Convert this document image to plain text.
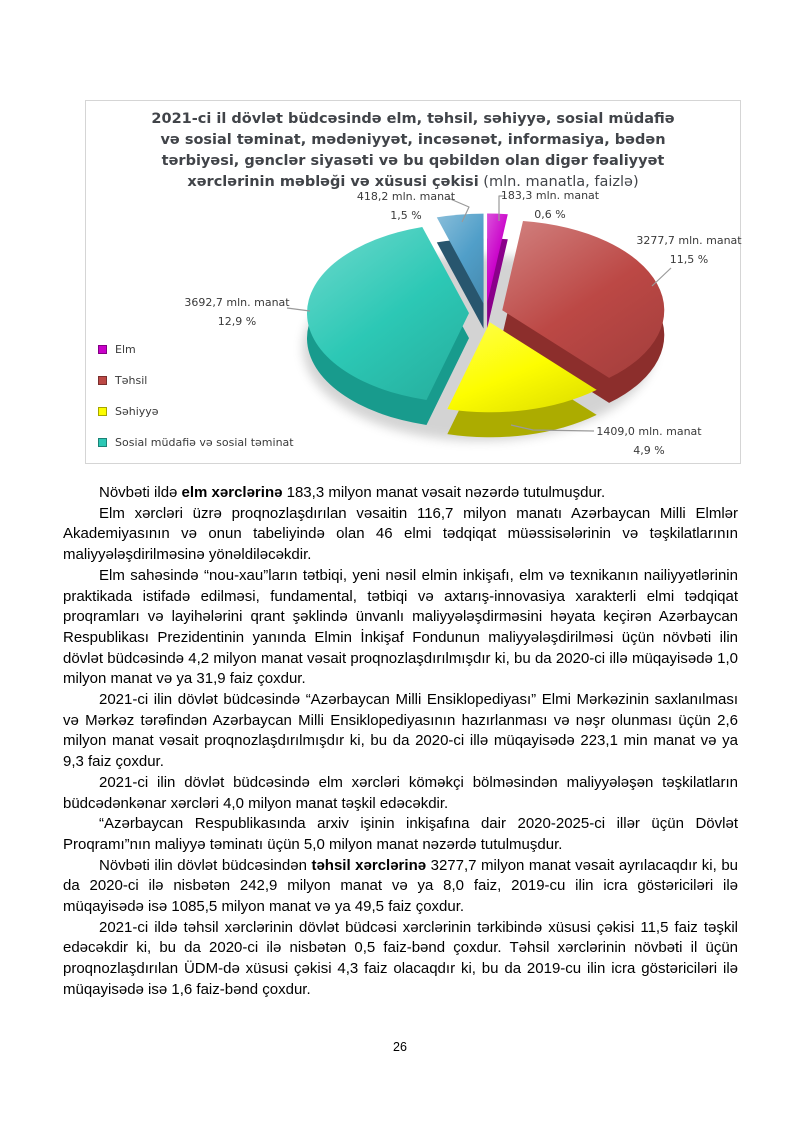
2021-ci il dövlət büdcəsində elm, təhsil, səhiyyə, sosial müdafiə və sosial təminat, mədəniyyət, incəsənət, informasiya, bədən tərbiyəsi, gənclər siyasəti və bu qəbildən olan digər fəaliyyət xərclərinin məbləği və xüsusi çəkisi (mln. manatla, faizlə)
183,3 mln. manat
0,6 %
3277,7 mln. manat
11,5 %
1409,0 mln. manat
4,9 %
3692,7 mln. manat
12,9 %
418,2 mln. manat
1,5 %
Elm
Təhsil
Səhiyyə
Sosial müdafiə və sosial təminat

Növbəti ildə elm xərclərinə 183,3 milyon manat vəsait nəzərdə tutulmuşdur.

Elm xərcləri üzrə proqnozlaşdırılan vəsaitin 116,7 milyon manatı Azərbaycan Milli Elmlər Akademiyasının və onun tabeliyində olan 46 elmi tədqiqat müəssisələrinin və təşkilatlarının maliyyələşdirilməsinə yönəldiləcəkdir.

Elm sahəsində “nou-xau”ların tətbiqi, yeni nəsil elmin inkişafı, elm və texnikanın nailiyyətlərinin praktikada istifadə edilməsi, fundamental, tətbiqi və axtarış-innovasiya xarakterli elmi tədqiqat proqramları və layihələrini qrant şəklində ünvanlı maliyyələşdirməsini həyata keçirən Azərbaycan Respublikası Prezidentinin yanında Elmin İnkişaf Fondunun maliyyələşdirilməsi üçün növbəti ilin dövlət büdcəsində 4,2 milyon manat vəsait proqnozlaşdırılmışdır ki, bu da 2020-ci illə müqayisədə 1,0 milyon manat və ya 31,9 faiz çoxdur.

2021-ci ilin dövlət büdcəsində “Azərbaycan Milli Ensiklopediyası” Elmi Mərkəzinin saxlanılması və Mərkəz tərəfindən Azərbaycan Milli Ensiklopediyasının hazırlanması və nəşr olunması üçün 2,6 milyon manat vəsait proqnozlaşdırılmışdır ki, bu da 2020-ci illə müqayisədə 223,1 min manat və ya 9,3 faiz çoxdur.

2021-ci ilin dövlət büdcəsində elm xərcləri köməkçi bölməsindən maliyyələşən təşkilatların büdcədənkənar xərcləri 4,0 milyon manat təşkil edəcəkdir.

“Azərbaycan Respublikasında arxiv işinin inkişafına dair 2020-2025-ci illər üçün Dövlət Proqramı”nın maliyyə təminatı üçün 5,0 milyon manat nəzərdə tutulmuşdur.

Növbəti ilin dövlət büdcəsindən təhsil xərclərinə 3277,7 milyon manat vəsait ayrılacaqdır ki, bu da 2020-ci ilə nisbətən 242,9 milyon manat və ya 8,0 faiz, 2019-cu ilin icra göstəriciləri ilə müqayisədə isə 1085,5 milyon manat və ya 49,5 faiz çoxdur.

2021-ci ildə təhsil xərclərinin dövlət büdcəsi xərclərinin tərkibində xüsusi çəkisi 11,5 faiz təşkil edəcəkdir ki, bu da 2020-ci ilə nisbətən 0,5 faiz-bənd çoxdur. Təhsil xərclərinin növbəti il üçün proqnozlaşdırılan ÜDM-də xüsusi çəkisi 4,3 faiz olacaqdır ki, bu da 2019-cu ilin icra göstəriciləri ilə müqayisədə isə 1,6 faiz-bənd çoxdur.

26
